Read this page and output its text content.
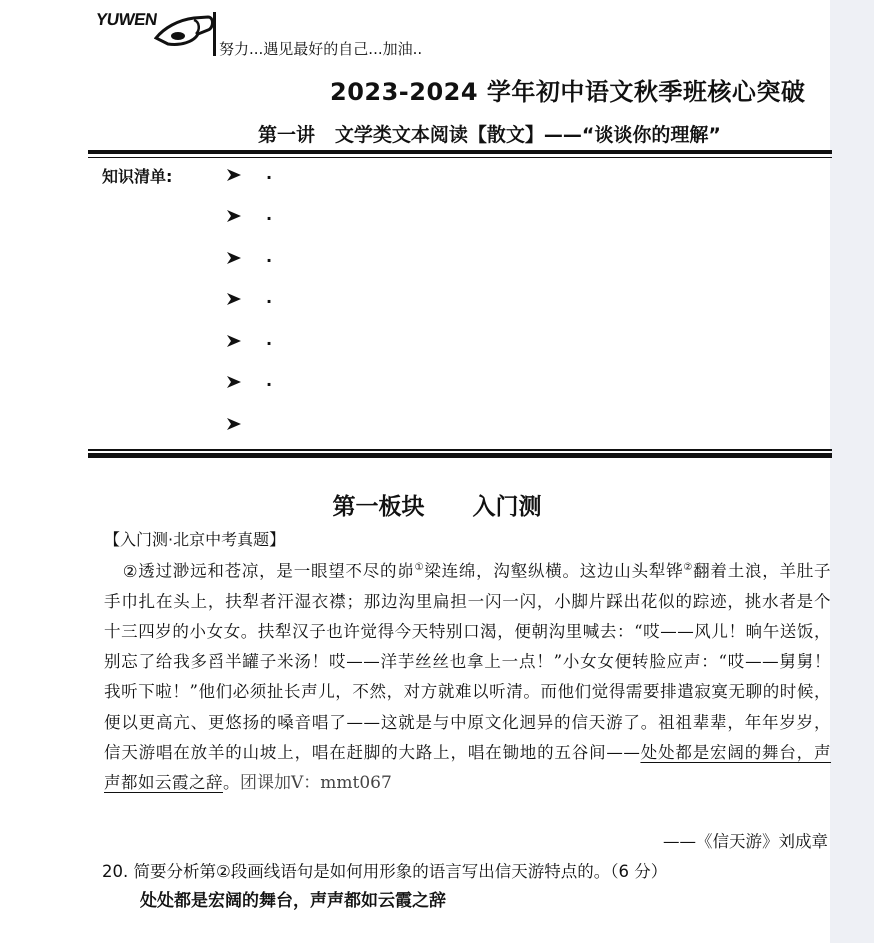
YUWEN
努力...遇见最好的自己...加油..
2023-2024 学年初中语文秋季班核心突破
第一讲   文学类文本阅读【散文】——“谈谈你的理解”
知识清单:	.
.
.
.
.
.
第一板块      入门测
【入门测·北京中考真题】
②透过渺远和苍凉，是一眼望不尽的峁①梁连绵，沟壑纵横。这边山头犁铧②翻着土浪，羊肚子手巾扎在头上，扶犁者汗湿衣襟；那边沟里扁担一闪一闪，小脚片踩出花似的踪迹，挑水者是个十三四岁的小女女。扶犁汉子也许觉得今天特别口渴，便朝沟里喊去：“哎——风儿！晌午送饭，别忘了给我多舀半罐子米汤！哎——洋芋丝丝也拿上一点！”小女女便转脸应声：“哎——舅舅！我听下啦！”他们必须扯长声儿，不然，对方就难以听清。而他们觉得需要排遣寂寞无聊的时候，便以更高亢、更悠扬的嗓音唱了——这就是与中原文化迥异的信天游了。祖祖辈辈，年年岁岁，信天游唱在放羊的山坡上，唱在赶脚的大路上，唱在锄地的五谷间——处处都是宏阔的舞台，声声都如云霞之辞。团课加V：mmt067
——《信天游》刘成章
20. 简要分析第②段画线语句是如何用形象的语言写出信天游特点的。（6 分）
处处都是宏阔的舞台，声声都如云霞之辞
